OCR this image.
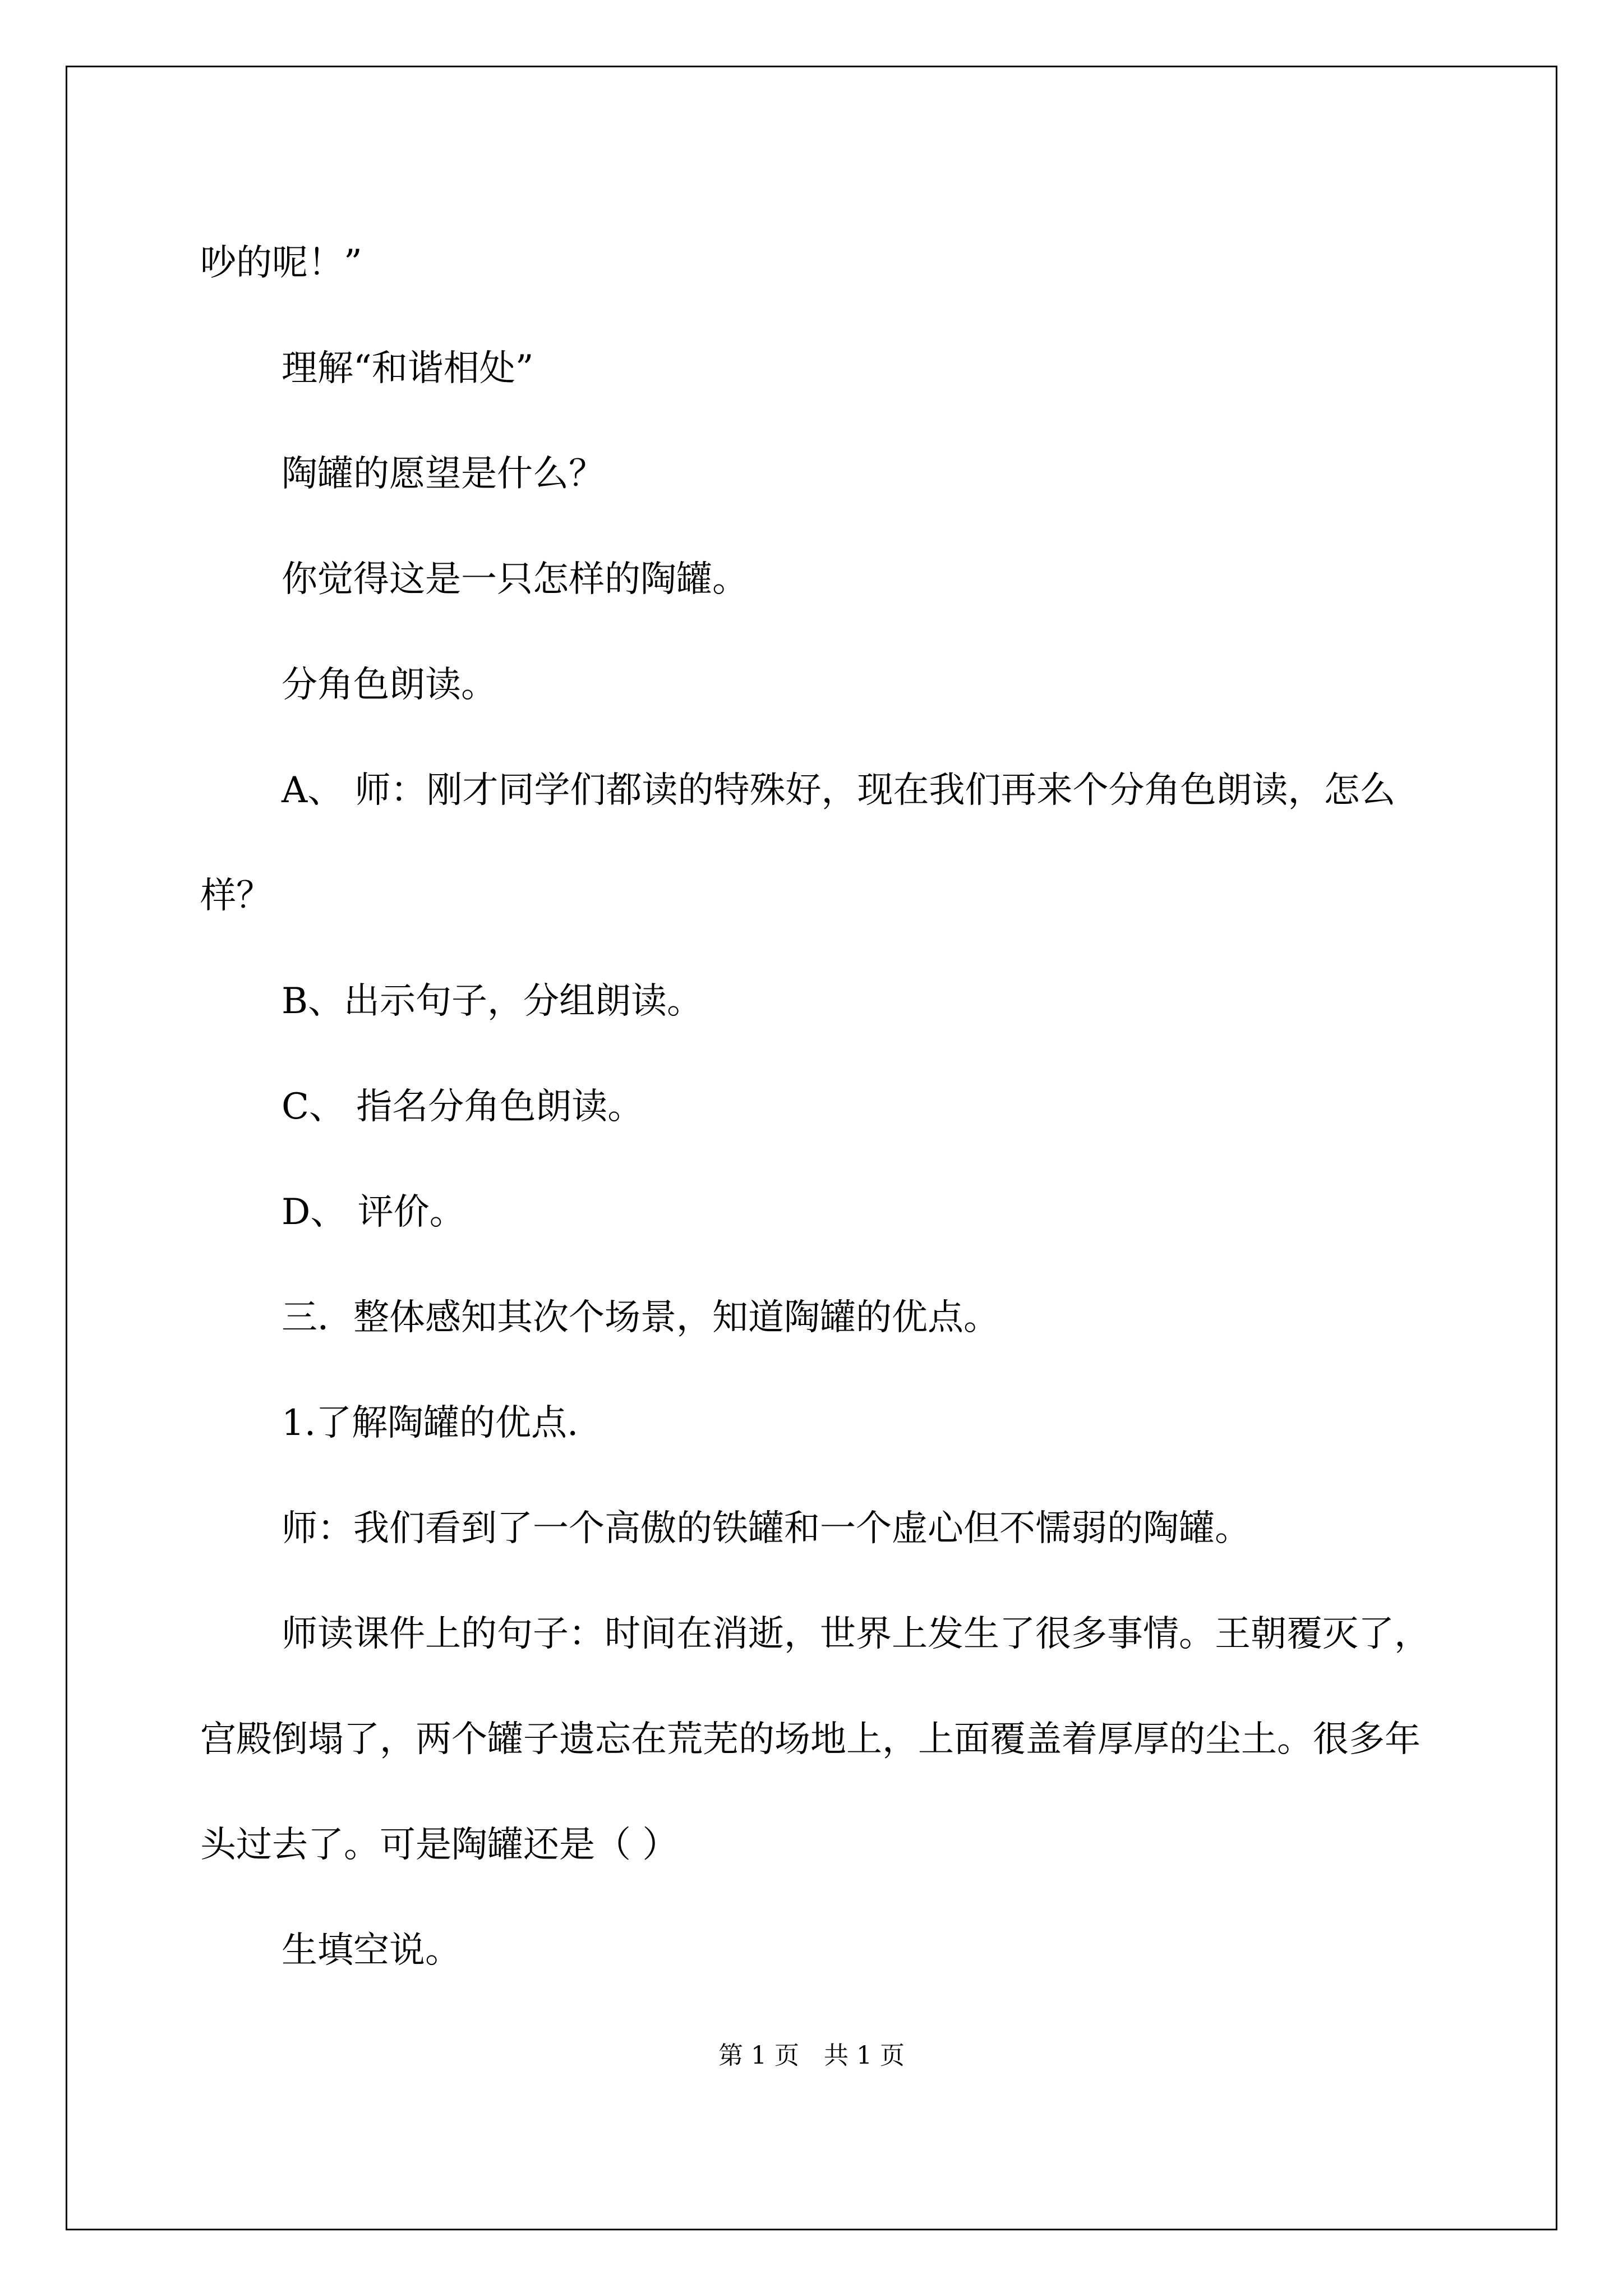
吵的呢！”

理解“和谐相处”

陶罐的愿望是什么？

你觉得这是一只怎样的陶罐。

分角色朗读。

A、 师：刚才同学们都读的特殊好，现在我们再来个分角色朗读，怎么样？

B、出示句子，分组朗读。

C、 指名分角色朗读。

D、 评价。

三．整体感知其次个场景，知道陶罐的优点。

1.了解陶罐的优点.

师：我们看到了一个高傲的铁罐和一个虚心但不懦弱的陶罐。

师读课件上的句子：时间在消逝，世界上发生了很多事情。王朝覆灭了，宫殿倒塌了，两个罐子遗忘在荒芜的场地上，上面覆盖着厚厚的尘土。很多年头过去了。可是陶罐还是（ ）

生填空说。

第 1 页　共 1 页
